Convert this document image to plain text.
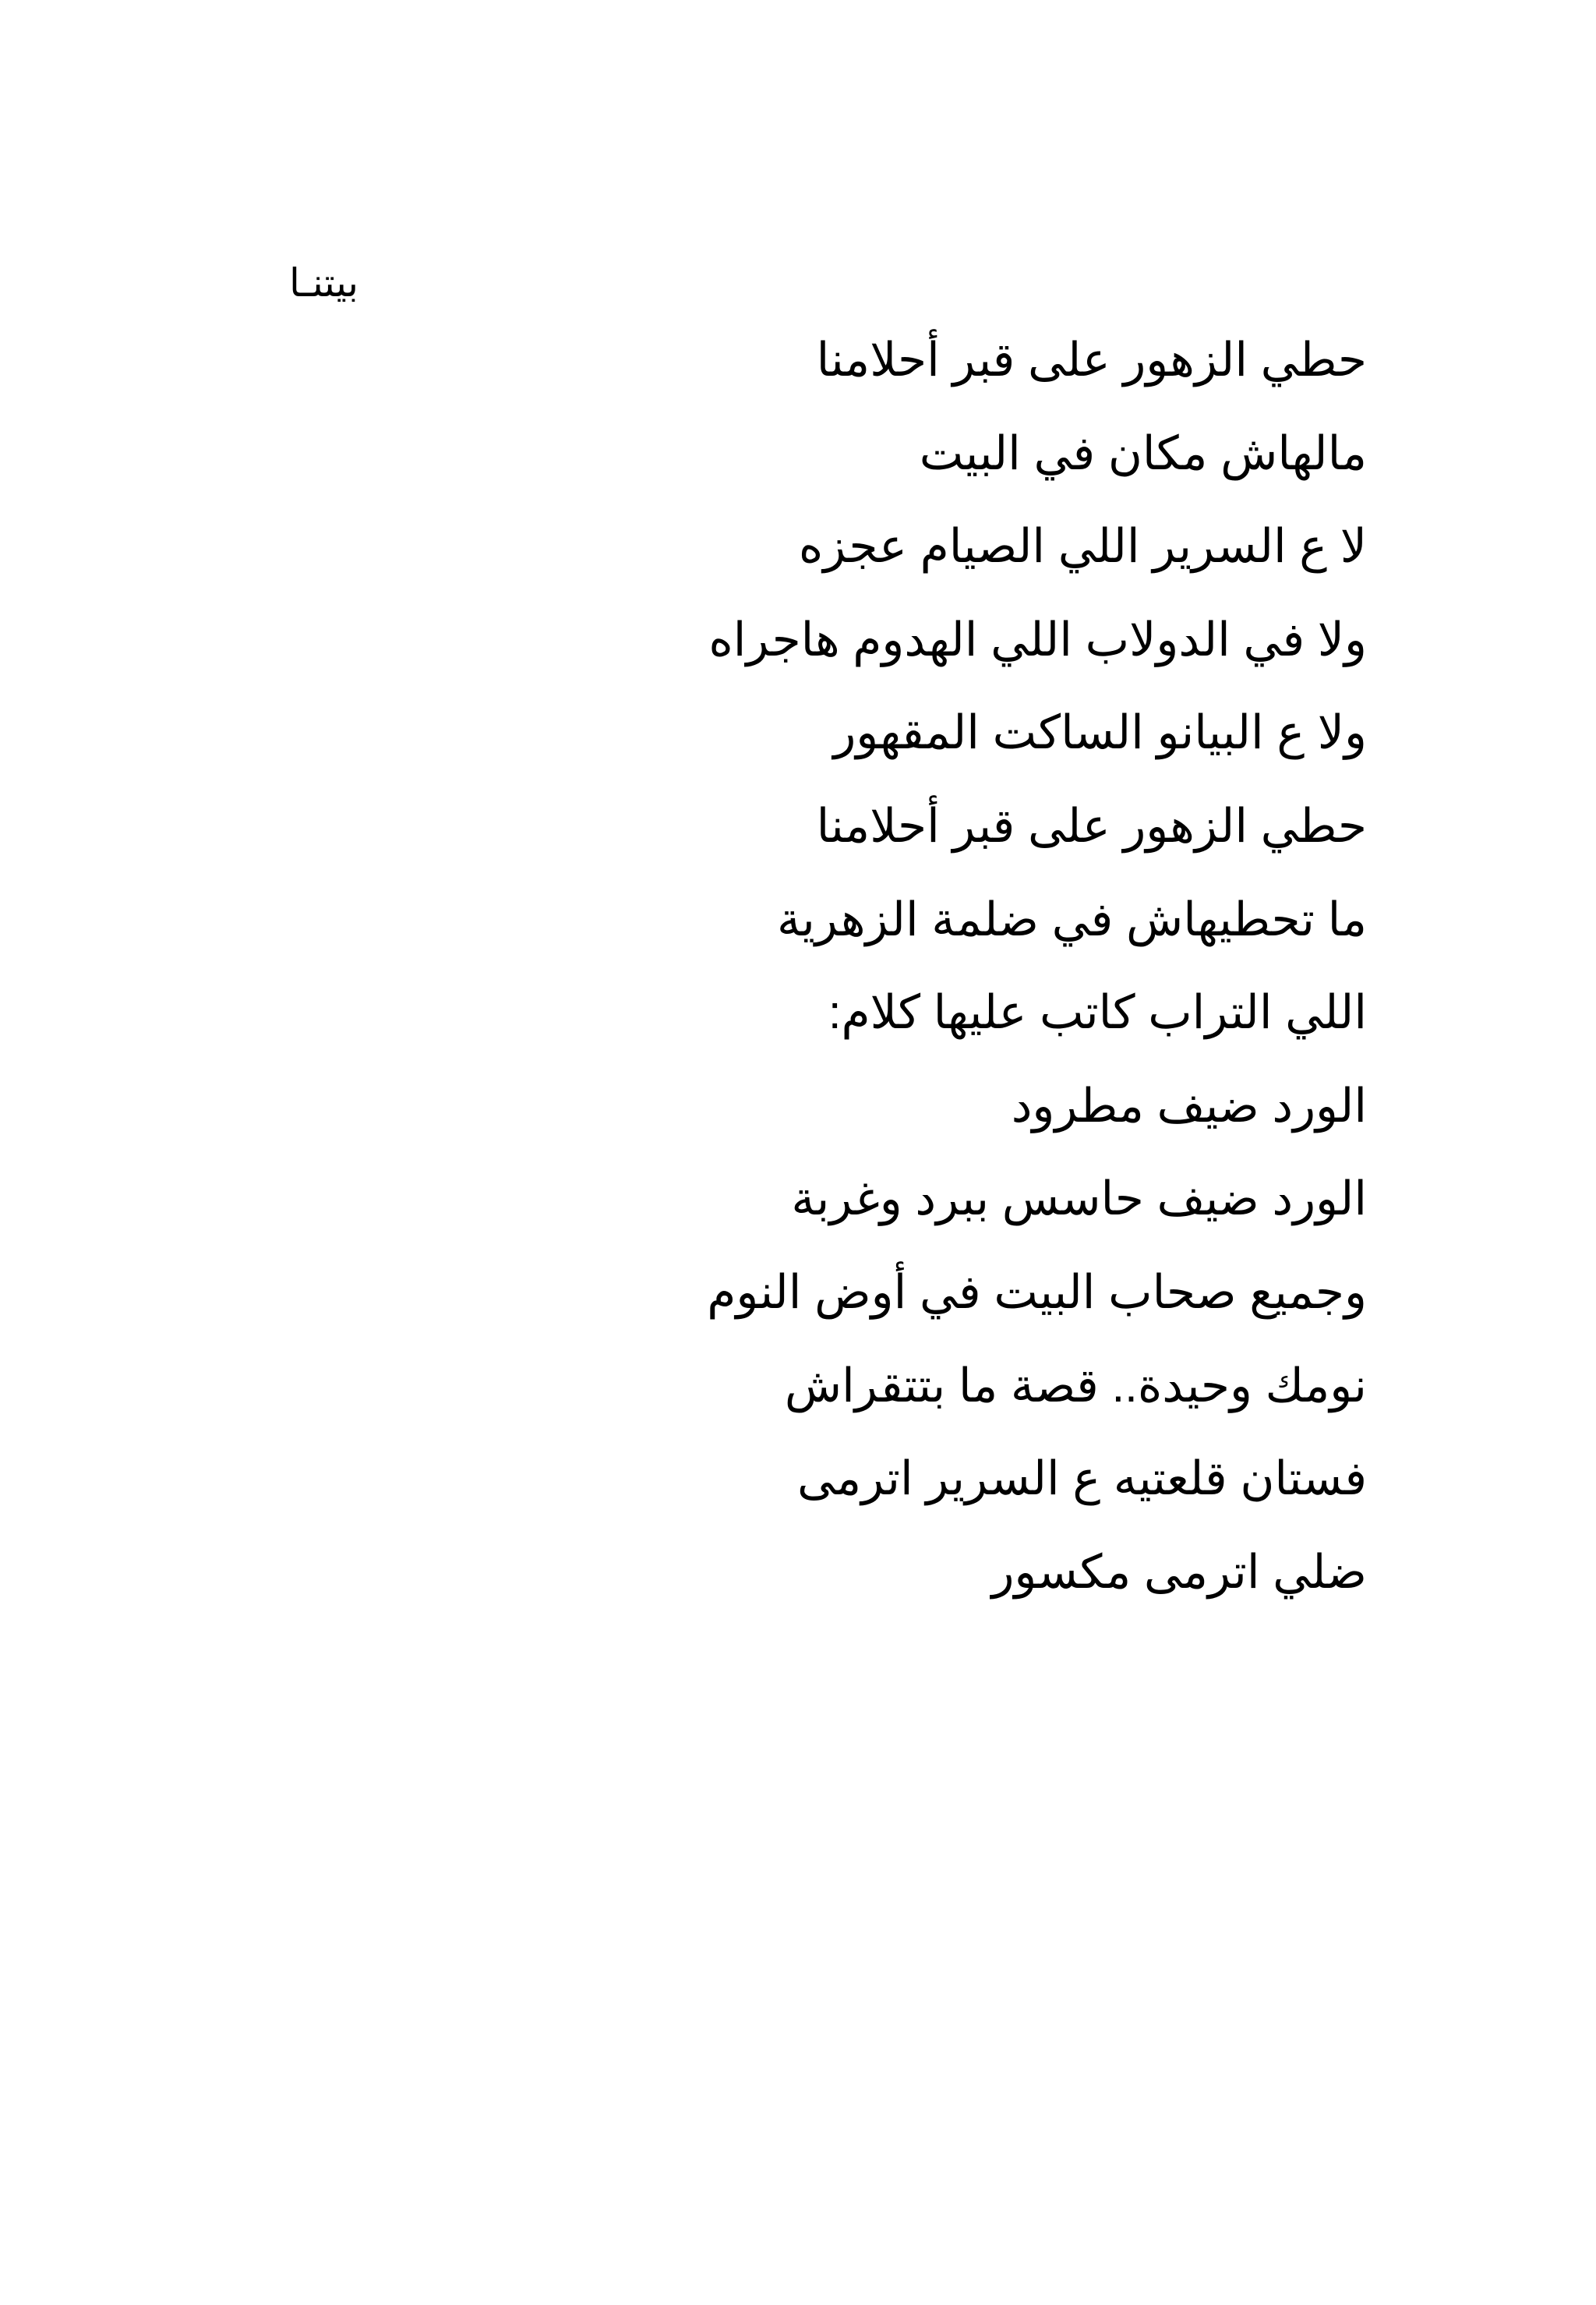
بيتنـا
حطي الزهور على قبر أحلامنا
مالهاش مكان في البيت
لا ع السرير اللي الصيام عجزه
ولا في الدولاب اللي الهدوم هاجراه
ولا ع البيانو الساكت المقهور
حطي الزهور على قبر أحلامنا
ما تحطيهاش في ضلمة الزهرية
اللي التراب كاتب عليها كلام:
الورد ضيف مطرود
الورد ضيف حاسس ببرد وغربة
وجميع صحاب البيت في أوض النوم
نومك وحيدة.. قصة ما بتتقراش
فستان قلعتيه ع السرير اترمى
ضلي اترمى مكسور
